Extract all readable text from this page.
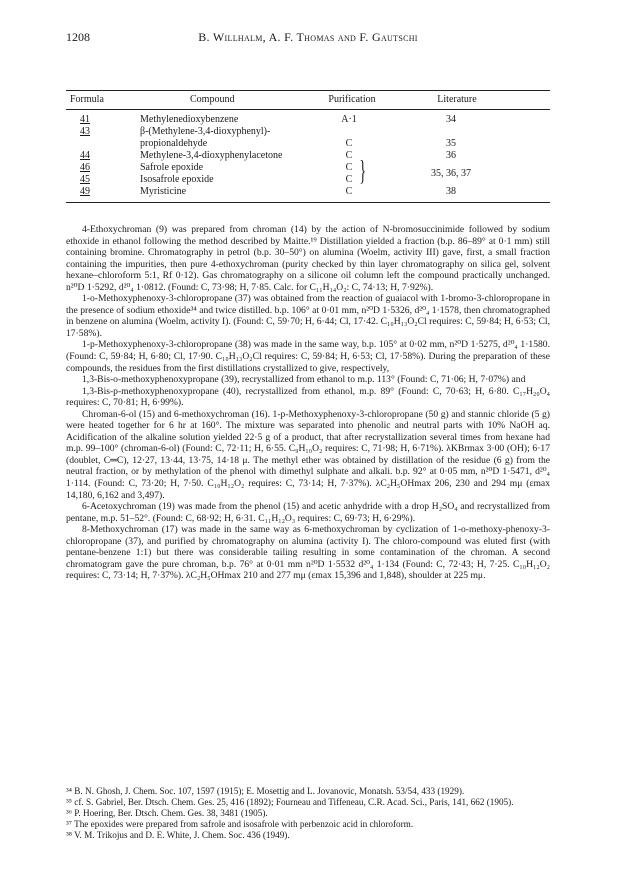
1208	B. Willhalm, A. F. Thomas and F. Gautschi
Formula	Compound	Purification	Literature
41	Methylenedioxybenzene	A·1	34
43	β-(Methylene-3,4-dioxyphenyl)-
propionaldehyde	C	35
44	Methylene-3,4-dioxyphenylacetone	C	36
46	Safrole epoxide	C
45	Isosafrole epoxide	C }	35, 36, 37
49	Myristicine	C	38

4-Ethoxychroman (9) was prepared from chroman (14) by the action of N-bromosuccinimide followed by sodium ethoxide in ethanol following the method described by Maitte.¹⁹ Distillation yielded a fraction (b.p. 86–89° at 0·1 mm) still containing bromine. Chromatography in petrol (b.p. 30–50°) on alumina (Woelm, activity III) gave, first, a small fraction containing the impurities, then pure 4-ethoxychroman (purity checked by thin layer chromatography on silica gel, solvent hexane–chloroform 5:1, Rf 0·12). Gas chromatography on a silicone oil column left the compound practically unchanged. n²⁰D 1·5292, d²⁰₄ 1·0812. (Found: C, 73·98; H, 7·85. Calc. for C₁₁H₁₄O₂: C, 74·13; H, 7·92%).

1-o-Methoxyphenoxy-3-chloropropane (37) was obtained from the reaction of guaiacol with 1-bromo-3-chloropropane in the presence of sodium ethoxide³⁴ and twice distilled. b.p. 106° at 0·01 mm, n²⁰D 1·5326, d²⁰₄ 1·1578, then chromatographed in benzene on alumina (Woelm, activity I). (Found: C, 59·70; H, 6·44; Cl, 17·42. C₁₀H₁₃O₂Cl requires: C, 59·84; H, 6·53; Cl, 17·58%).

1-p-Methoxyphenoxy-3-chloropropane (38) was made in the same way, b.p. 105° at 0·02 mm, n²⁰D 1·5275, d²⁰₄ 1·1580. (Found: C, 59·84; H, 6·80; Cl, 17·90. C₁₀H₁₃O₂Cl requires: C, 59·84; H, 6·53; Cl, 17·58%). During the preparation of these compounds, the residues from the first distillations crystallized to give, respectively,

1,3-Bis-o-methoxyphenoxypropane (39), recrystallized from ethanol to m.p. 113° (Found: C, 71·06; H, 7·07%) and

1,3-Bis-p-methoxyphenoxypropane (40), recrystallized from ethanol, m.p. 89° (Found: C, 70·63; H, 6·80. C₁₇H₂₀O₄ requires: C, 70·81; H, 6·99%).

Chroman-6-ol (15) and 6-methoxychroman (16). 1-p-Methoxyphenoxy-3-chloropropane (50 g) and stannic chloride (5 g) were heated together for 6 hr at 160°. The mixture was separated into phenolic and neutral parts with 10% NaOH aq. Acidification of the alkaline solution yielded 22·5 g of a product, that after recrystallization several times from hexane had m.p. 99–100° (chroman-6-ol) (Found: C, 72·11; H, 6·55. C₉H₁₀O₂ requires: C, 71·98; H, 6·71%). λKBrmax 3·00 (OH); 6·17 (doublet, C═C), 12·27, 13·44, 13·75, 14·18 μ. The methyl ether was obtained by distillation of the residue (6 g) from the neutral fraction, or by methylation of the phenol with dimethyl sulphate and alkali. b.p. 92° at 0·05 mm, n²⁰D 1·5471, d²⁰₄ 1·114. (Found: C, 73·20; H, 7·50. C₁₀H₁₂O₂ requires: C, 73·14; H, 7·37%). λC₂H₅OHmax 206, 230 and 294 mμ (εmax 14,180, 6,162 and 3,497).

6-Acetoxychroman (19) was made from the phenol (15) and acetic anhydride with a drop H₂SO₄ and recrystallized from pentane, m.p. 51–52°. (Found: C, 68·92; H, 6·31. C₁₁H₁₂O₃ requires: C, 69·73; H, 6·29%).

8-Methoxychroman (17) was made in the same way as 6-methoxychroman by cyclization of 1-o-methoxy-phenoxy-3-chloropropane (37), and purified by chromatography on alumina (activity I). The chloro-compound was eluted first (with pentane-benzene 1:1) but there was considerable tailing resulting in some contamination of the chroman. A second chromatogram gave the pure chroman, b.p. 76° at 0·01 mm n²⁰D 1·5532 d²⁰₄ 1·134 (Found: C, 72·43; H, 7·25. C₁₀H₁₂O₂ requires: C, 73·14; H, 7·37%). λC₂H₅OHmax 210 and 277 mμ (εmax 15,396 and 1,848), shoulder at 225 mμ.

³⁴ B. N. Ghosh, J. Chem. Soc. 107, 1597 (1915); E. Mosettig and L. Jovanovic, Monatsh. 53/54, 433 (1929).

³⁵ cf. S. Gabriel, Ber. Dtsch. Chem. Ges. 25, 416 (1892); Fourneau and Tiffeneau, C.R. Acad. Sci., Paris, 141, 662 (1905).

³⁶ P. Hoering, Ber. Dtsch. Chem. Ges. 38, 3481 (1905).

³⁷ The epoxides were prepared from safrole and isosafrole with perbenzoic acid in chloroform.

³⁸ V. M. Trikojus and D. E. White, J. Chem. Soc. 436 (1949).
